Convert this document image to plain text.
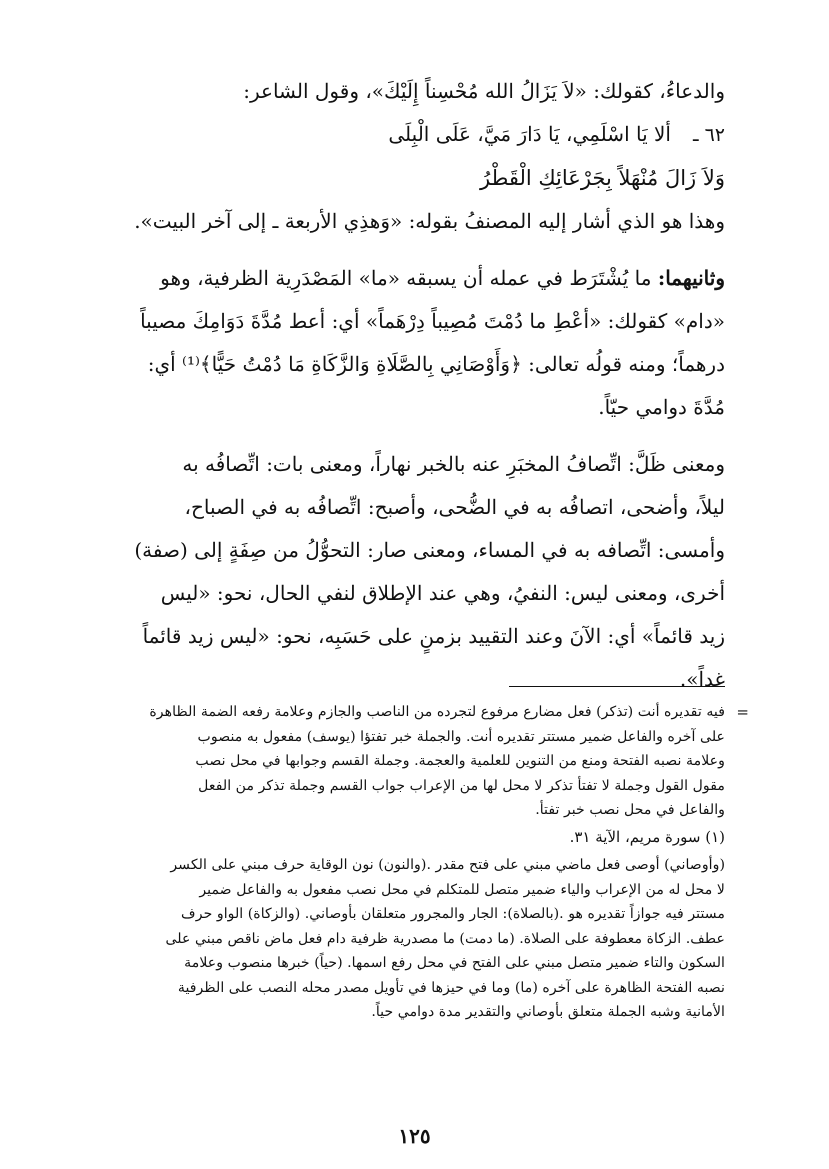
والدعاءُ، كقولك: «لاَ يَزَالُ الله مُحْسِناً إِلَيْكَ»، وقول الشاعر:

٦٢ ـ
ألا يَا اسْلَمِي، يَا دَارَ مَيَّ، عَلَى الْبِلَى

وَلاَ زَالَ مُنْهَلاً بِجَرْعَائِكِ الْقَطْرُ

وهذا هو الذي أشار إليه المصنفُ بقوله: «وَهذِي الأربعة ـ إلى آخر البيت».

وثانيهما: ما يُشْتَرَط في عمله أن يسبقه «ما» المَصْدَرِية الظرفية، وهو

«دام» كقولك: «أعْطِ ما دُمْتَ مُصِيباً دِرْهَماً» أي: أعط مُدَّةَ دَوَامِكَ مصيباً

درهماً؛ ومنه قولُه تعالى: ﴿وَأَوْصَانِي بِالصَّلَاةِ وَالزَّكَاةِ مَا دُمْتُ حَيًّا﴾⁽¹⁾ أي:

مُدَّةَ دوامي حيّاً.

ومعنى ظَلَّ: اتِّصافُ المخبَرِ عنه بالخبر نهاراً، ومعنى بات: اتِّصافُه به

ليلاً، وأضحى، اتصافُه به في الضُّحى، وأصبح: اتِّصافُه به في الصباح،

وأمسى: اتِّصافه به في المساء، ومعنى صار: التحوُّلُ من صِفَةٍ إلى (صفة)

أخرى، ومعنى ليس: النفيُ، وهي عند الإطلاق لنفي الحال، نحو: «ليس

زيد قائماً» أي: الآنَ وعند التقييد بزمنٍ على حَسَبِه، نحو: «ليس زيد قائماً

غداً».

=
فيه تقديره أنت (تذكر) فعل مضارع مرفوع لتجرده من الناصب والجازم وعلامة رفعه الضمة الظاهرة
على آخره والفاعل ضمير مستتر تقديره أنت. والجملة خبر تفتؤا (يوسف) مفعول به منصوب
وعلامة نصبه الفتحة ومنع من التنوين للعلمية والعجمة. وجملة القسم وجوابها في محل نصب
مقول القول وجملة لا تفتأ تذكر لا محل لها من الإعراب جواب القسم وجملة تذكر من الفعل
والفاعل في محل نصب خبر تفتأ.
(١) سورة مريم، الآية ٣١.
(وأوصاني) أوصى فعل ماضي مبني على فتح مقدر .(والنون) نون الوقاية حرف مبني على الكسر
لا محل له من الإعراب والياء ضمير متصل للمتكلم في محل نصب مفعول به والفاعل ضمير
مستتر فيه جوازاً تقديره هو .(بالصلاة): الجار والمجرور متعلقان بأوصاني. (والزكاة) الواو حرف
عطف. الزكاة معطوفة على الصلاة. (ما دمت) ما مصدرية ظرفية دام فعل ماض ناقص مبني على
السكون والتاء ضمير متصل مبني على الفتح في محل رفع اسمها. (حياً) خبرها منصوب وعلامة
نصبه الفتحة الظاهرة على آخره (ما) وما في حيزها في تأويل مصدر محله النصب على الظرفية
الأمانية وشبه الجملة متعلق بأوصاني والتقدير مدة دوامي حياً.
١٢٥
